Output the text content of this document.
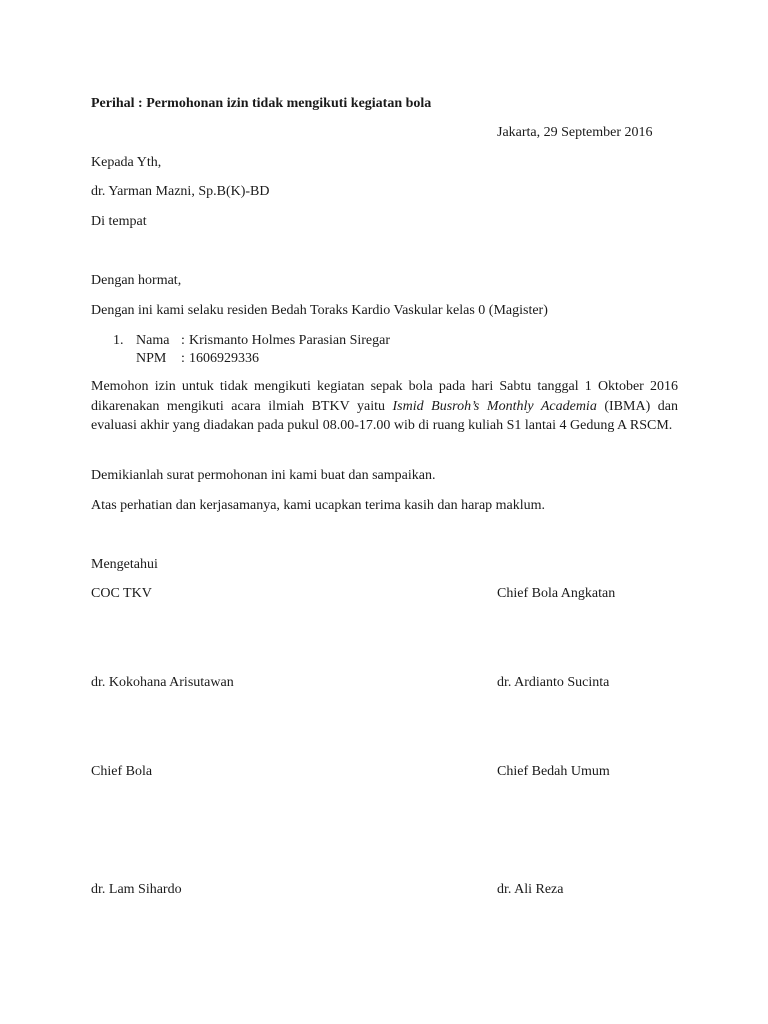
Perihal : Permohonan izin tidak mengikuti kegiatan bola
Jakarta, 29 September 2016
Kepada Yth,
dr. Yarman Mazni, Sp.B(K)-BD
Di tempat
Dengan hormat,
Dengan ini kami selaku residen Bedah Toraks Kardio Vaskular kelas 0 (Magister)
1. Nama : Krismanto Holmes Parasian Siregar
NPM : 1606929336
Memohon izin untuk tidak mengikuti kegiatan sepak bola pada hari Sabtu tanggal 1 Oktober 2016 dikarenakan mengikuti acara ilmiah BTKV yaitu Ismid Busroh’s Monthly Academia (IBMA) dan evaluasi akhir yang diadakan pada pukul 08.00-17.00 wib di ruang kuliah S1 lantai 4 Gedung A RSCM.
Demikianlah surat permohonan ini kami buat dan sampaikan.
Atas perhatian dan kerjasamanya, kami ucapkan terima kasih dan harap maklum.
Mengetahui
COC TKV	Chief Bola Angkatan
dr. Kokohana Arisutawan	dr. Ardianto Sucinta
Chief Bola	Chief Bedah Umum
dr. Lam Sihardo	dr. Ali Reza
